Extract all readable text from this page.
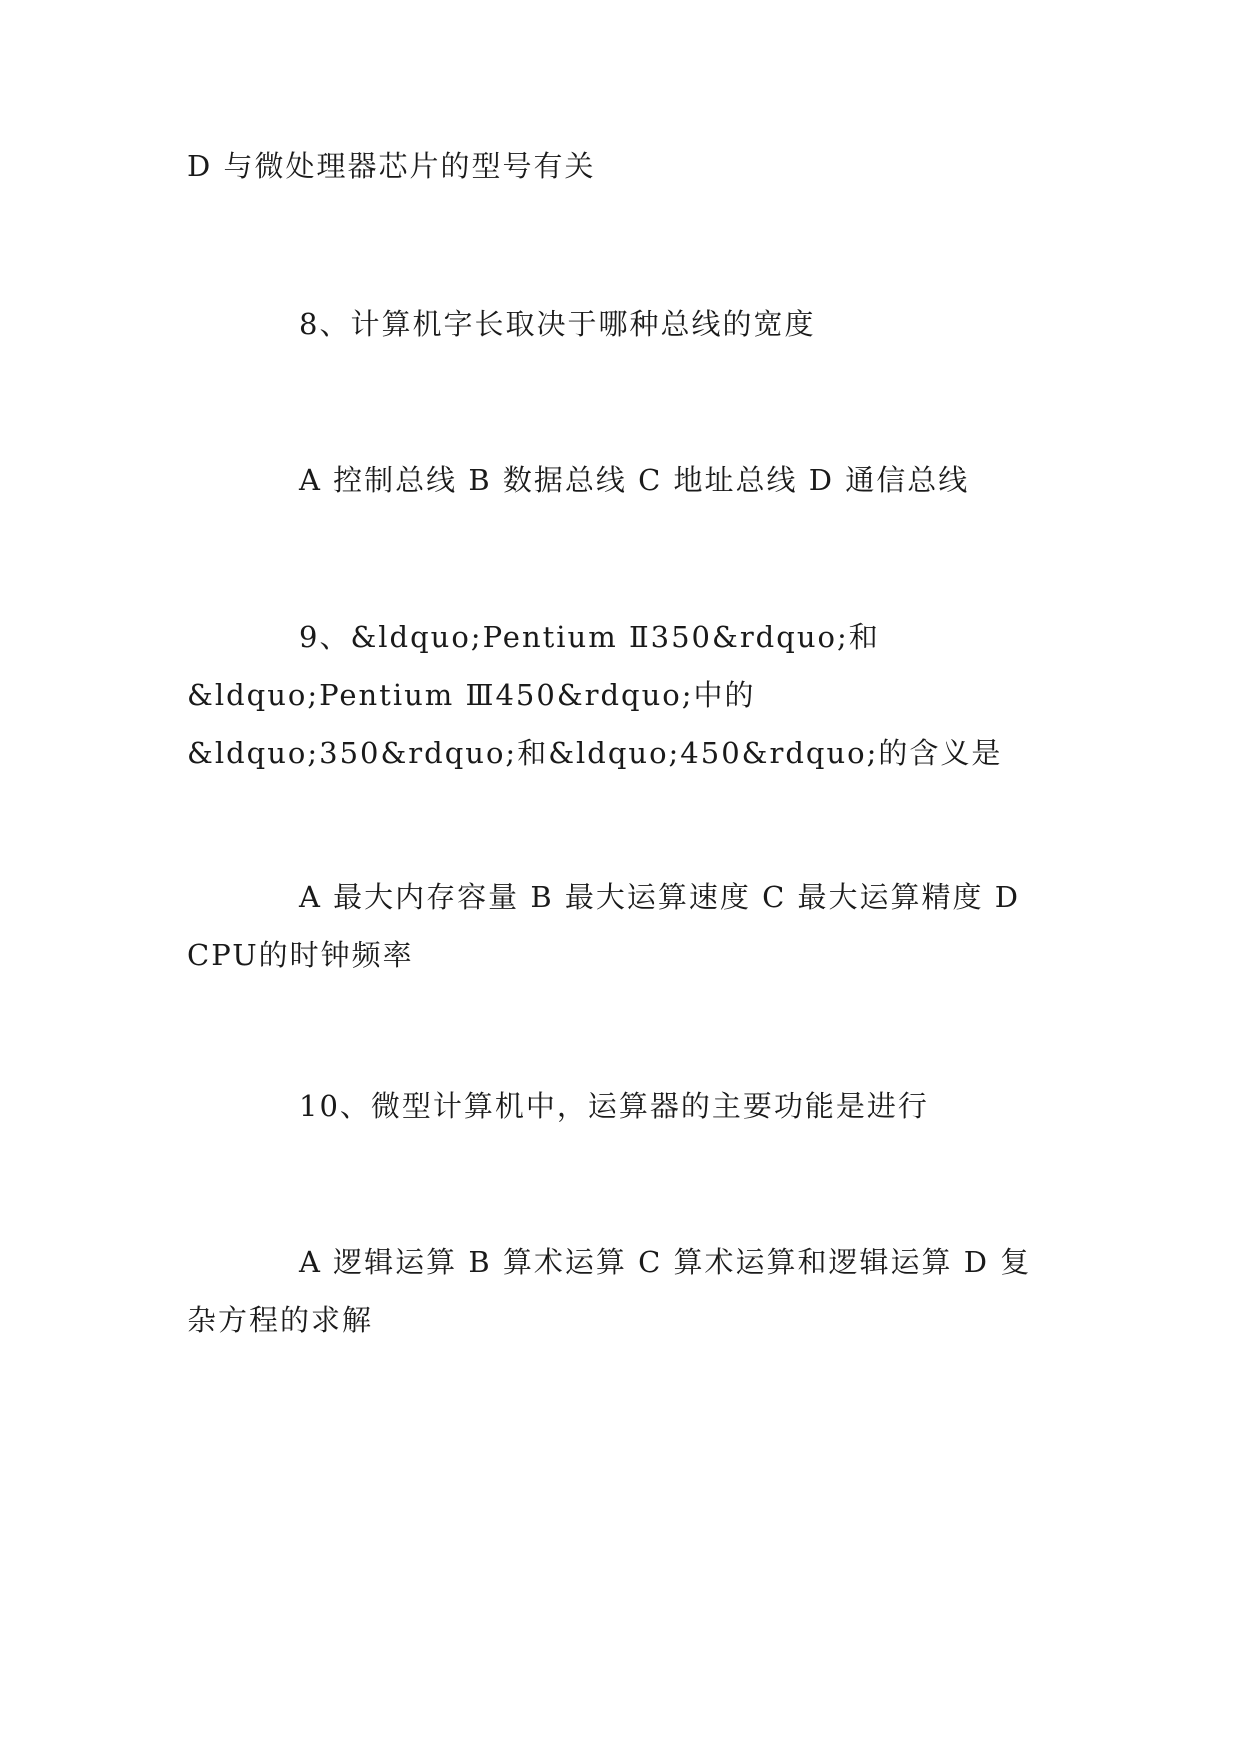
D 与微处理器芯片的型号有关

8、计算机字长取决于哪种总线的宽度

A 控制总线 B 数据总线 C 地址总线 D 通信总线

9、&ldquo;Pentium Ⅱ350&rdquo;和&ldquo;Pentium Ⅲ450&rdquo;中的&ldquo;350&rdquo;和&ldquo;450&rdquo;的含义是

A 最大内存容量 B 最大运算速度 C 最大运算精度 D CPU的时钟频率

10、微型计算机中，运算器的主要功能是进行

A 逻辑运算 B 算术运算 C 算术运算和逻辑运算 D 复杂方程的求解
